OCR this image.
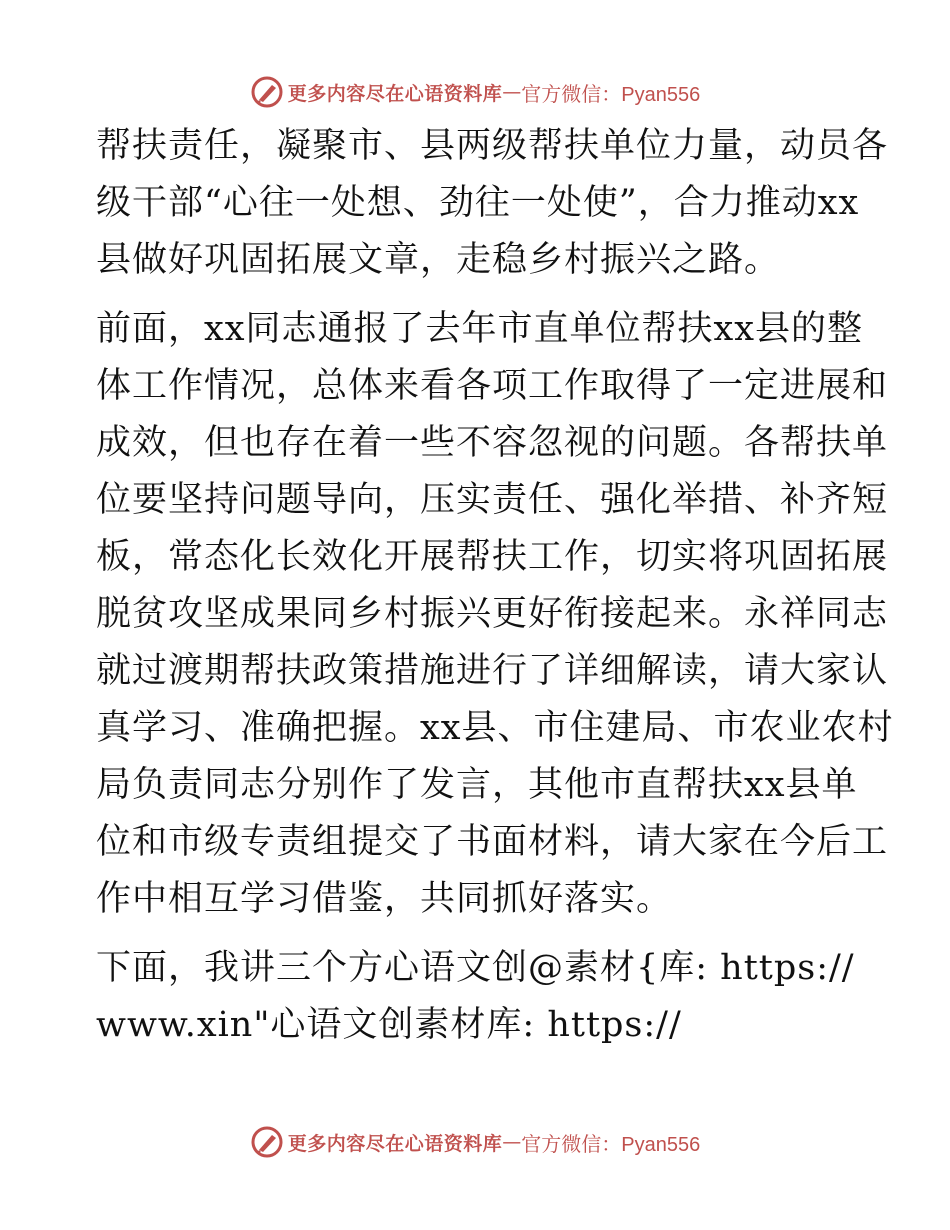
更多内容尽在心语资料库 — 官方微信：Pyan556
帮扶责任，凝聚市、县两级帮扶单位力量，动员各
级干部“心往一处想、劲往一处使”，合力推动xx
县做好巩固拓展文章，走稳乡村振兴之路。
前面，xx同志通报了去年市直单位帮扶xx县的整
体工作情况，总体来看各项工作取得了一定进展和
成效，但也存在着一些不容忽视的问题。各帮扶单
位要坚持问题导向，压实责任、强化举措、补齐短
板，常态化长效化开展帮扶工作，切实将巩固拓展
脱贫攻坚成果同乡村振兴更好衔接起来。永祥同志
就过渡期帮扶政策措施进行了详细解读，请大家认
真学习、准确把握。xx县、市住建局、市农业农村
局负责同志分别作了发言，其他市直帮扶xx县单
位和市级专责组提交了书面材料，请大家在今后工
作中相互学习借鉴，共同抓好落实。
下面，我讲三个方心语文创@素材{库: https://
www.xin"心语文创素材库: https://
更多内容尽在心语资料库 — 官方微信：Pyan556
